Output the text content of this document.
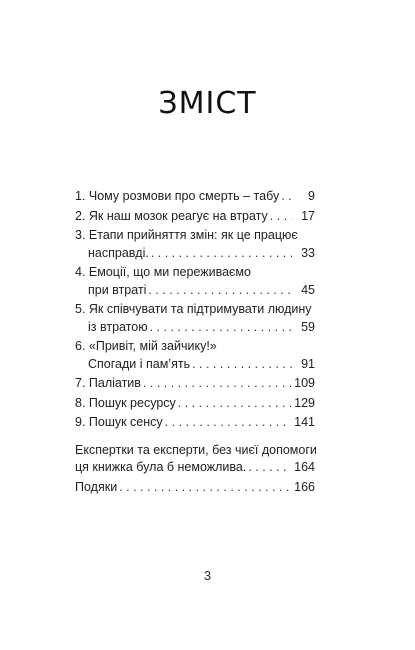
ЗМІСТ
1. Чому розмови про смерть – табу . . .	9
2. Як наш мозок реагує на втрату . . .	17
3. Етапи прийняття змін: як це працює
насправді. . . .	33
4. Емоції, що ми переживаємо
при втраті . . .	45
5. Як співчувати та підтримувати людину
із втратою . . .	59
6. «Привіт, мій зайчику!»
Спогади і пам’ять . . .	91
7. Паліатив . . .	109
8. Пошук ресурсу . . .	129
9. Пошук сенсу . . .	141
Експертки та експерти, без чиєї допомоги
ця книжка була б неможлива. . . .	164
Подяки . . .	166
3
